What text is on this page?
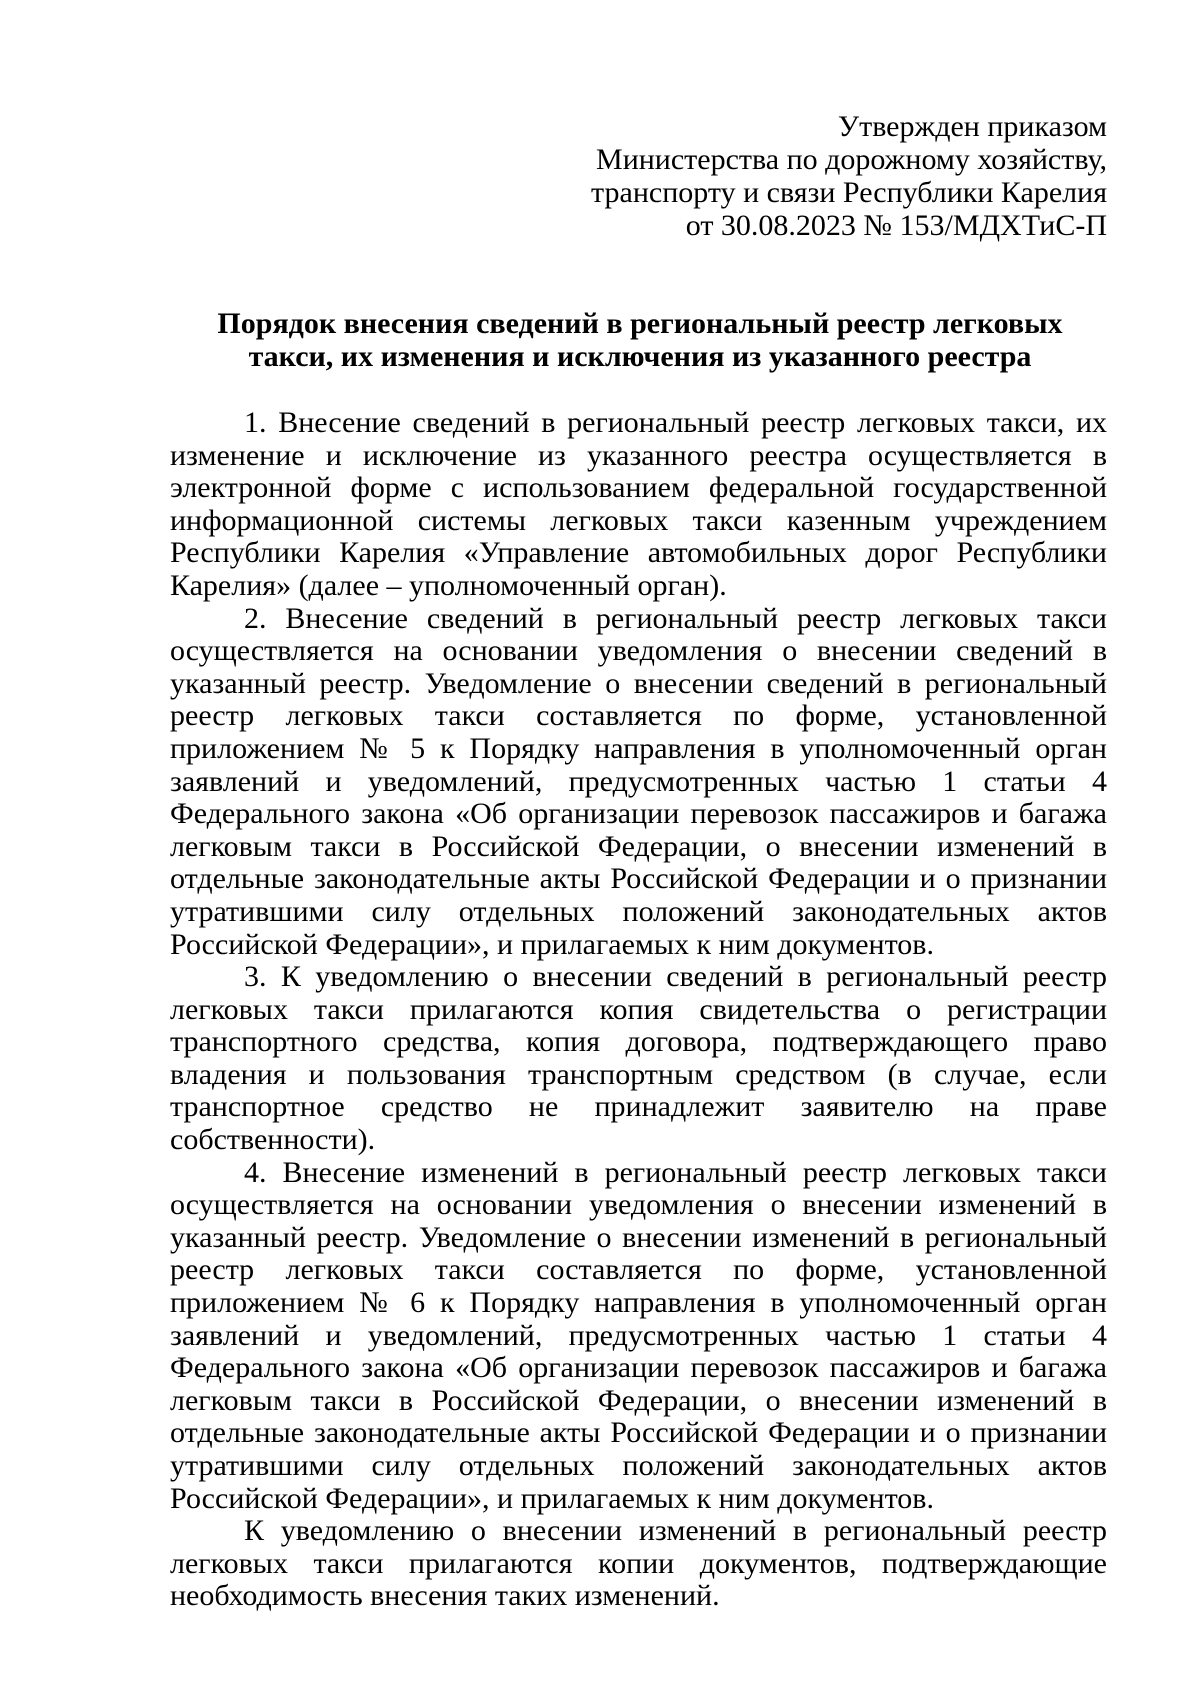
Утвержден приказом
Министерства по дорожному хозяйству,
транспорту и связи Республики Карелия
от 30.08.2023 № 153/МДХТиС-П
Порядок внесения сведений в региональный реестр легковых
такси, их изменения и исключения из указанного реестра

1. Внесение сведений в региональный реестр легковых такси, их изменение и исключение из указанного реестра осуществляется в электронной форме с использованием федеральной государственной информационной системы легковых такси казенным учреждением Республики Карелия «Управление автомобильных дорог Республики Карелия» (далее – уполномоченный орган).

2. Внесение сведений в региональный реестр легковых такси осуществляется на основании уведомления о внесении сведений в указанный реестр. Уведомление о внесении сведений в региональный реестр легковых такси составляется по форме, установленной приложением № 5 к Порядку направления в уполномоченный орган заявлений и уведомлений, предусмотренных частью 1 статьи 4 Федерального закона «Об организации перевозок пассажиров и багажа легковым такси в Российской Федерации, о внесении изменений в отдельные законодательные акты Российской Федерации и о признании утратившими силу отдельных положений законодательных актов Российской Федерации», и прилагаемых к ним документов.

3. К уведомлению о внесении сведений в региональный реестр легковых такси прилагаются копия свидетельства о регистрации транспортного средства, копия договора, подтверждающего право владения и пользования транспортным средством (в случае, если транспортное средство не принадлежит заявителю на праве собственности).

4. Внесение изменений в региональный реестр легковых такси осуществляется на основании уведомления о внесении изменений в указанный реестр. Уведомление о внесении изменений в региональный реестр легковых такси составляется по форме, установленной приложением № 6 к Порядку направления в уполномоченный орган заявлений и уведомлений, предусмотренных частью 1 статьи 4 Федерального закона «Об организации перевозок пассажиров и багажа легковым такси в Российской Федерации, о внесении изменений в отдельные законодательные акты Российской Федерации и о признании утратившими силу отдельных положений законодательных актов Российской Федерации», и прилагаемых к ним документов.

К уведомлению о внесении изменений в региональный реестр легковых такси прилагаются копии документов, подтверждающие необходимость внесения таких изменений.
